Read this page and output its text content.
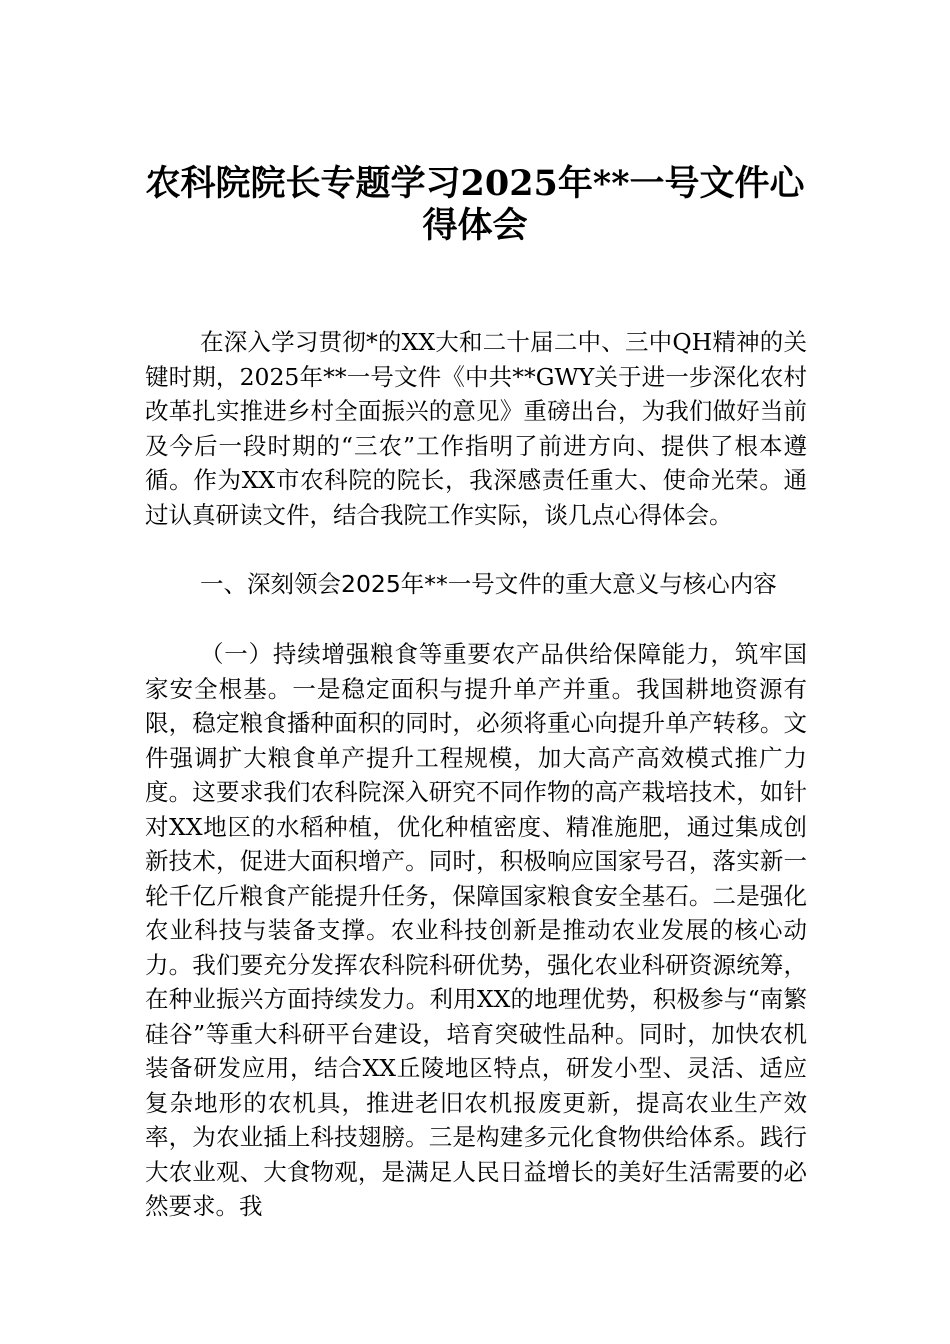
农科院院长专题学习2025年**一号文件心
得体会

在深入学习贯彻*的XX大和二十届二中、三中QH精神的关键时期，2025年**一号文件《中共**GWY关于进一步深化农村改革扎实推进乡村全面振兴的意见》重磅出台，为我们做好当前及今后一段时期的“三农”工作指明了前进方向、提供了根本遵循。作为XX市农科院的院长，我深感责任重大、使命光荣。通过认真研读文件，结合我院工作实际，谈几点心得体会。

一、深刻领会2025年**一号文件的重大意义与核心内容

（一）持续增强粮食等重要农产品供给保障能力，筑牢国家安全根基。一是稳定面积与提升单产并重。我国耕地资源有限，稳定粮食播种面积的同时，必须将重心向提升单产转移。文件强调扩大粮食单产提升工程规模，加大高产高效模式推广力度。这要求我们农科院深入研究不同作物的高产栽培技术，如针对XX地区的水稻种植，优化种植密度、精准施肥，通过集成创新技术，促进大面积增产。同时，积极响应国家号召，落实新一轮千亿斤粮食产能提升任务，保障国家粮食安全基石。二是强化农业科技与装备支撑。农业科技创新是推动农业发展的核心动力。我们要充分发挥农科院科研优势，强化农业科研资源统筹，在种业振兴方面持续发力。利用XX的地理优势，积极参与“南繁硅谷”等重大科研平台建设，培育突破性品种。同时，加快农机装备研发应用，结合XX丘陵地区特点，研发小型、灵活、适应复杂地形的农机具，推进老旧农机报废更新，提高农业生产效率，为农业插上科技翅膀。三是构建多元化食物供给体系。践行大农业观、大食物观，是满足人民日益增长的美好生活需要的必然要求。我
